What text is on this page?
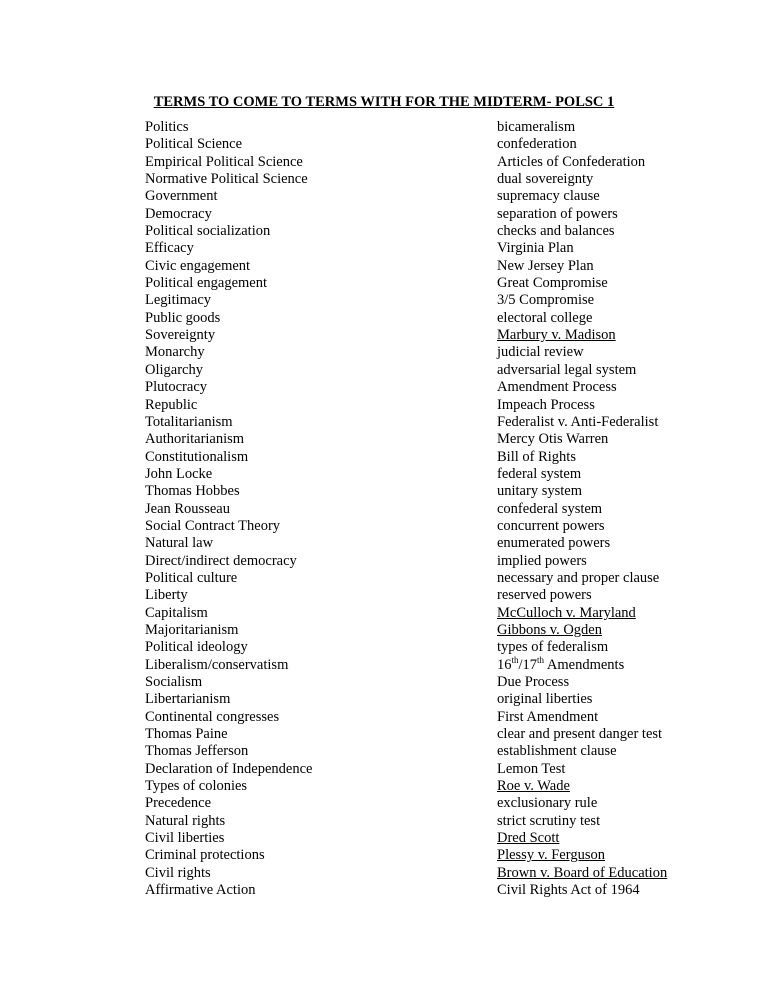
TERMS TO COME TO TERMS WITH FOR THE MIDTERM- POLSC 1
Politics
Political Science
Empirical Political Science
Normative Political Science
Government
Democracy
Political socialization
Efficacy
Civic engagement
Political engagement
Legitimacy
Public goods
Sovereignty
Monarchy
Oligarchy
Plutocracy
Republic
Totalitarianism
Authoritarianism
Constitutionalism
John Locke
Thomas Hobbes
Jean Rousseau
Social Contract Theory
Natural law
Direct/indirect democracy
Political culture
Liberty
Capitalism
Majoritarianism
Political ideology
Liberalism/conservatism
Socialism
Libertarianism
Continental congresses
Thomas Paine
Thomas Jefferson
Declaration of Independence
Types of colonies
Precedence
Natural rights
Civil liberties
Criminal protections
Civil rights
Affirmative Action
bicameralism
confederation
Articles of Confederation
dual sovereignty
supremacy clause
separation of powers
checks and balances
Virginia Plan
New Jersey Plan
Great Compromise
3/5 Compromise
electoral college
Marbury v. Madison
judicial review
adversarial legal system
Amendment Process
Impeach Process
Federalist v. Anti-Federalist
Mercy Otis Warren
Bill of Rights
federal system
unitary system
confederal system
concurrent powers
enumerated powers
implied powers
necessary and proper clause
reserved powers
McCulloch v. Maryland
Gibbons v. Ogden
types of federalism
16th/17th Amendments
Due Process
original liberties
First Amendment
clear and present danger test
establishment clause
Lemon Test
Roe v. Wade
exclusionary rule
strict scrutiny test
Dred Scott
Plessy v. Ferguson
Brown v. Board of Education
Civil Rights Act of 1964
